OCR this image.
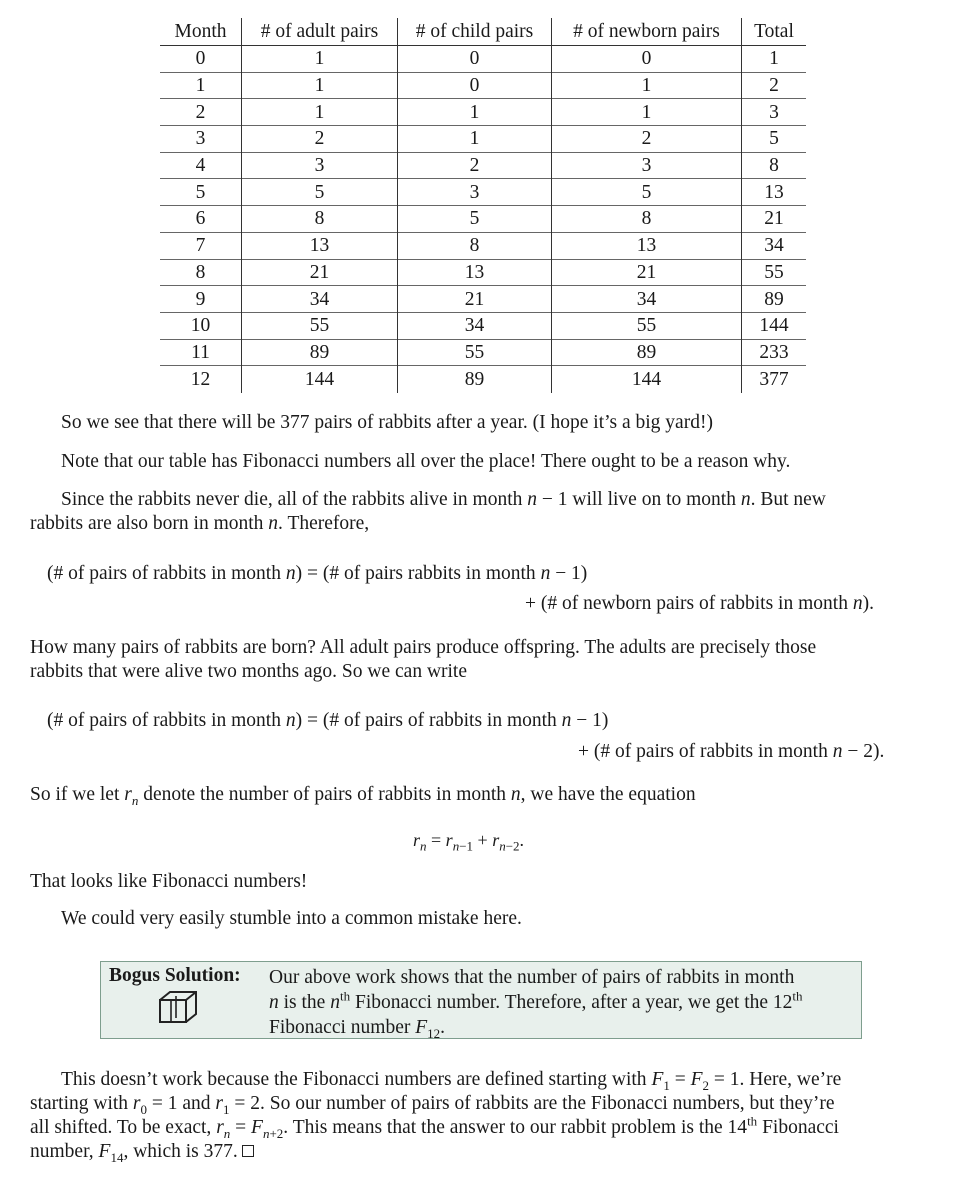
Month	# of adult pairs	# of child pairs	# of newborn pairs	Total
0	1	0	0	1
1	1	0	1	2
2	1	1	1	3
3	2	1	2	5
4	3	2	3	8
5	5	3	5	13
6	8	5	8	21
7	13	8	13	34
8	21	13	21	55
9	34	21	34	89
10	55	34	55	144
11	89	55	89	233
12	144	89	144	377
So we see that there will be 377 pairs of rabbits after a year. (I hope it’s a big yard!)
Note that our table has Fibonacci numbers all over the place! There ought to be a reason why.
Since the rabbits never die, all of the rabbits alive in month n − 1 will live on to month n. But new
rabbits are also born in month n. Therefore,
(# of pairs of rabbits in month n) = (# of pairs rabbits in month n − 1)
+ (# of newborn pairs of rabbits in month n).
How many pairs of rabbits are born? All adult pairs produce offspring. The adults are precisely those
rabbits that were alive two months ago. So we can write
(# of pairs of rabbits in month n) = (# of pairs of rabbits in month n − 1)
+ (# of pairs of rabbits in month n − 2).
So if we let $r_n$ denote the number of pairs of rabbits in month n, we have the equation
$r_n = r_{n-1} + r_{n-2}$.
That looks like Fibonacci numbers!
We could very easily stumble into a common mistake here.
Bogus Solution: Our above work shows that the number of pairs of rabbits in month
n is the $n^{th}$ Fibonacci number. Therefore, after a year, we get the 12th
Fibonacci number $F_{12}$.
This doesn’t work because the Fibonacci numbers are defined starting with $F_1 = F_2 = 1$. Here, we’re
starting with $r_0 = 1$ and $r_1 = 2$. So our number of pairs of rabbits are the Fibonacci numbers, but they’re
all shifted. To be exact, $r_n = F_{n+2}$. This means that the answer to our rabbit problem is the 14th Fibonacci
number, $F_{14}$, which is 377.
